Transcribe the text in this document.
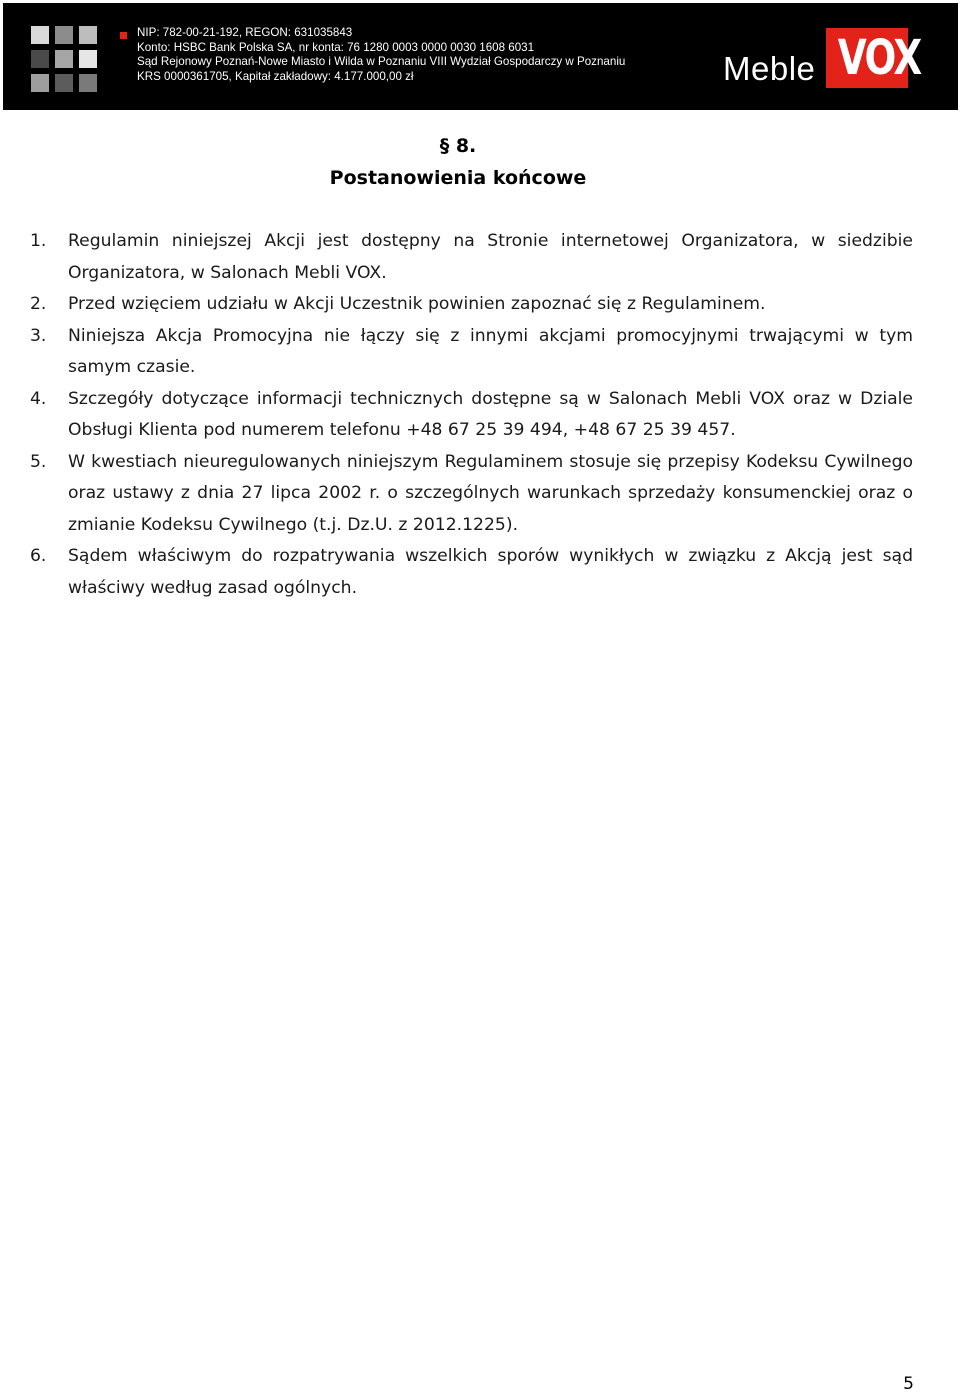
NIP: 782-00-21-192, REGON: 631035843
Konto: HSBC Bank Polska SA, nr konta: 76 1280 0003 0000 0030 1608 6031
Sąd Rejonowy Poznań-Nowe Miasto i Wilda w Poznaniu VIII Wydział Gospodarczy w Poznaniu
KRS 0000361705, Kapitał zakładowy: 4.177.000,00 zł	Meble VOX
§ 8.
Postanowienia końcowe
1.	Regulamin niniejszej Akcji jest dostępny na Stronie internetowej Organizatora, w siedzibie Organizatora, w Salonach Mebli VOX.
2.	Przed wzięciem udziału w Akcji Uczestnik powinien zapoznać się z Regulaminem.
3.	Niniejsza Akcja Promocyjna nie łączy się z innymi akcjami promocyjnymi trwającymi w tym samym czasie.
4.	Szczegóły dotyczące informacji technicznych dostępne są w Salonach Mebli VOX oraz w Dziale Obsługi Klienta pod numerem telefonu +48 67 25 39 494, +48 67 25 39 457.
5.	W kwestiach nieuregulowanych niniejszym Regulaminem stosuje się przepisy Kodeksu Cywilnego oraz ustawy z dnia 27 lipca 2002 r. o szczególnych warunkach sprzedaży konsumenckiej oraz o zmianie Kodeksu Cywilnego (t.j. Dz.U. z 2012.1225).
6.	Sądem właściwym do rozpatrywania wszelkich sporów wynikłych w związku z Akcją jest sąd właściwy według zasad ogólnych.
5
